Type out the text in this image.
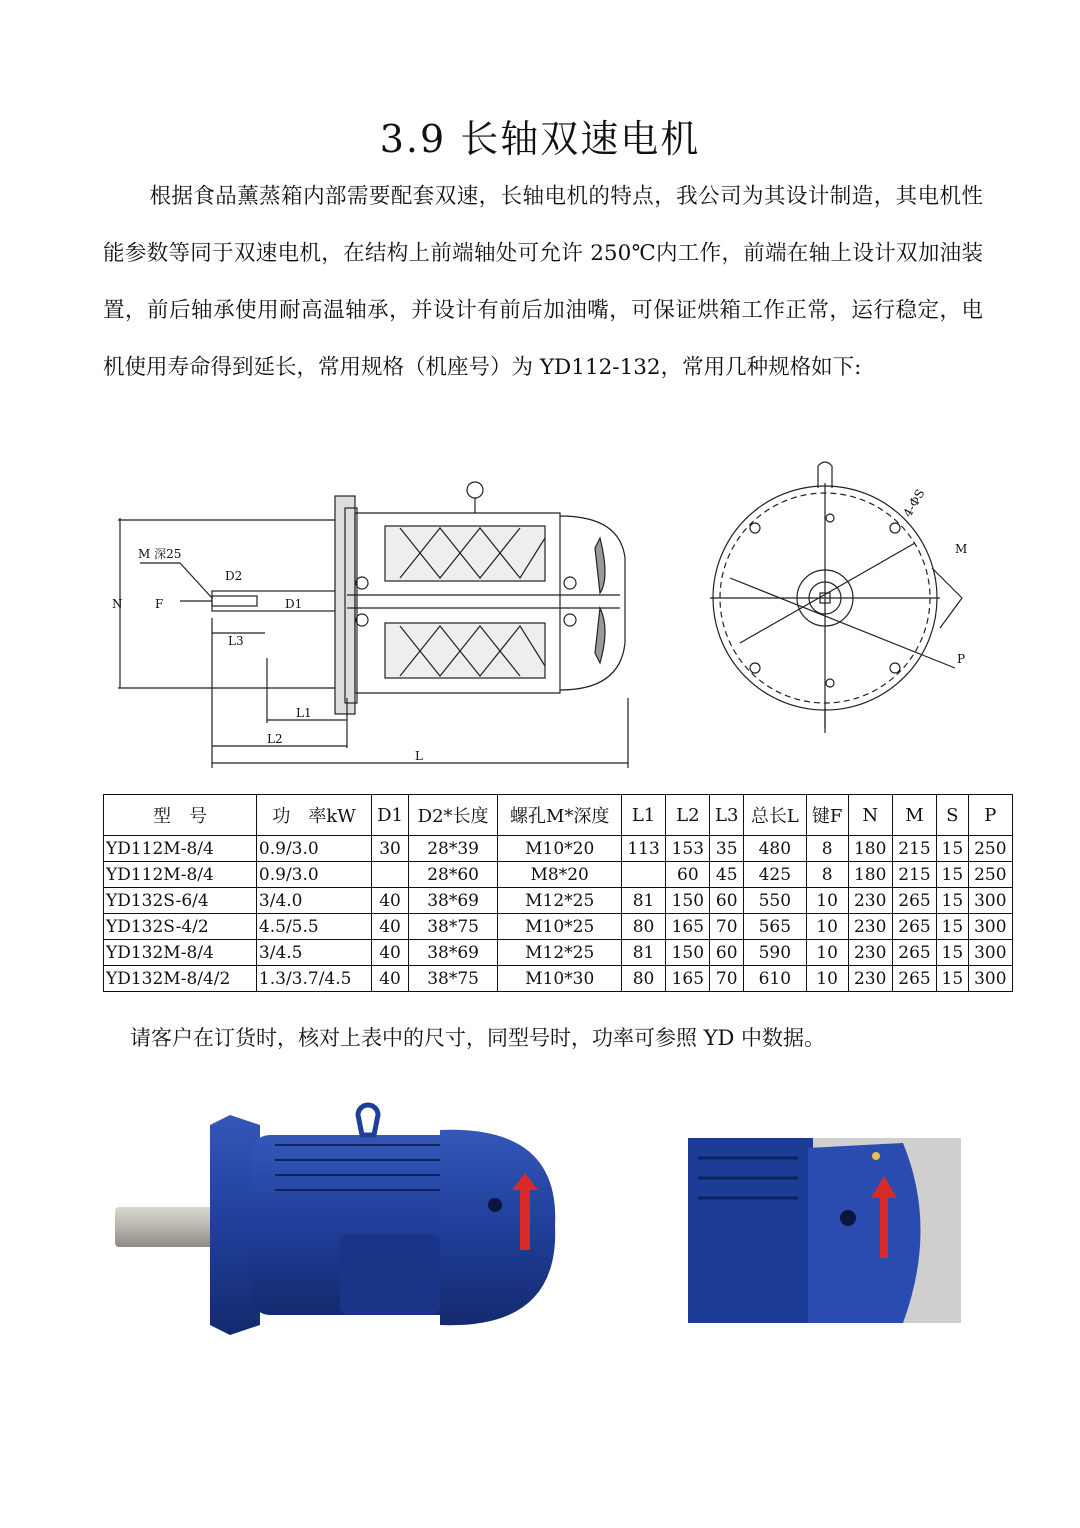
3.9 长轴双速电机
根据食品薰蒸箱内部需要配套双速，长轴电机的特点，我公司为其设计制造，其电机性能参数等同于双速电机，在结构上前端轴处可允许 250℃内工作，前端在轴上设计双加油装置，前后轴承使用耐高温轴承，并设计有前后加油嘴，可保证烘箱工作正常，运行稳定，电机使用寿命得到延长，常用规格（机座号）为 YD112-132，常用几种规格如下:
M 深25
N
D2
F	D1
L3
L1
L2
L
4-ΦS
M
P
型　号	功　率kW	D1	D2*长度	螺孔M*深度	L1	L2	L3	总长L	键F	N	M	S	P
YD112M-8/4	0.9/3.0	30	28*39	M10*20	113	153	35	480	8	180	215	15	250
YD112M-8/4	0.9/3.0		28*60	M8*20		60	45	425	8	180	215	15	250
YD132S-6/4	3/4.0	40	38*69	M12*25	81	150	60	550	10	230	265	15	300
YD132S-4/2	4.5/5.5	40	38*75	M10*25	80	165	70	565	10	230	265	15	300
YD132M-8/4	3/4.5	40	38*69	M12*25	81	150	60	590	10	230	265	15	300
YD132M-8/4/2	1.3/3.7/4.5	40	38*75	M10*30	80	165	70	610	10	230	265	15	300
请客户在订货时，核对上表中的尺寸，同型号时，功率可参照 YD 中数据。
